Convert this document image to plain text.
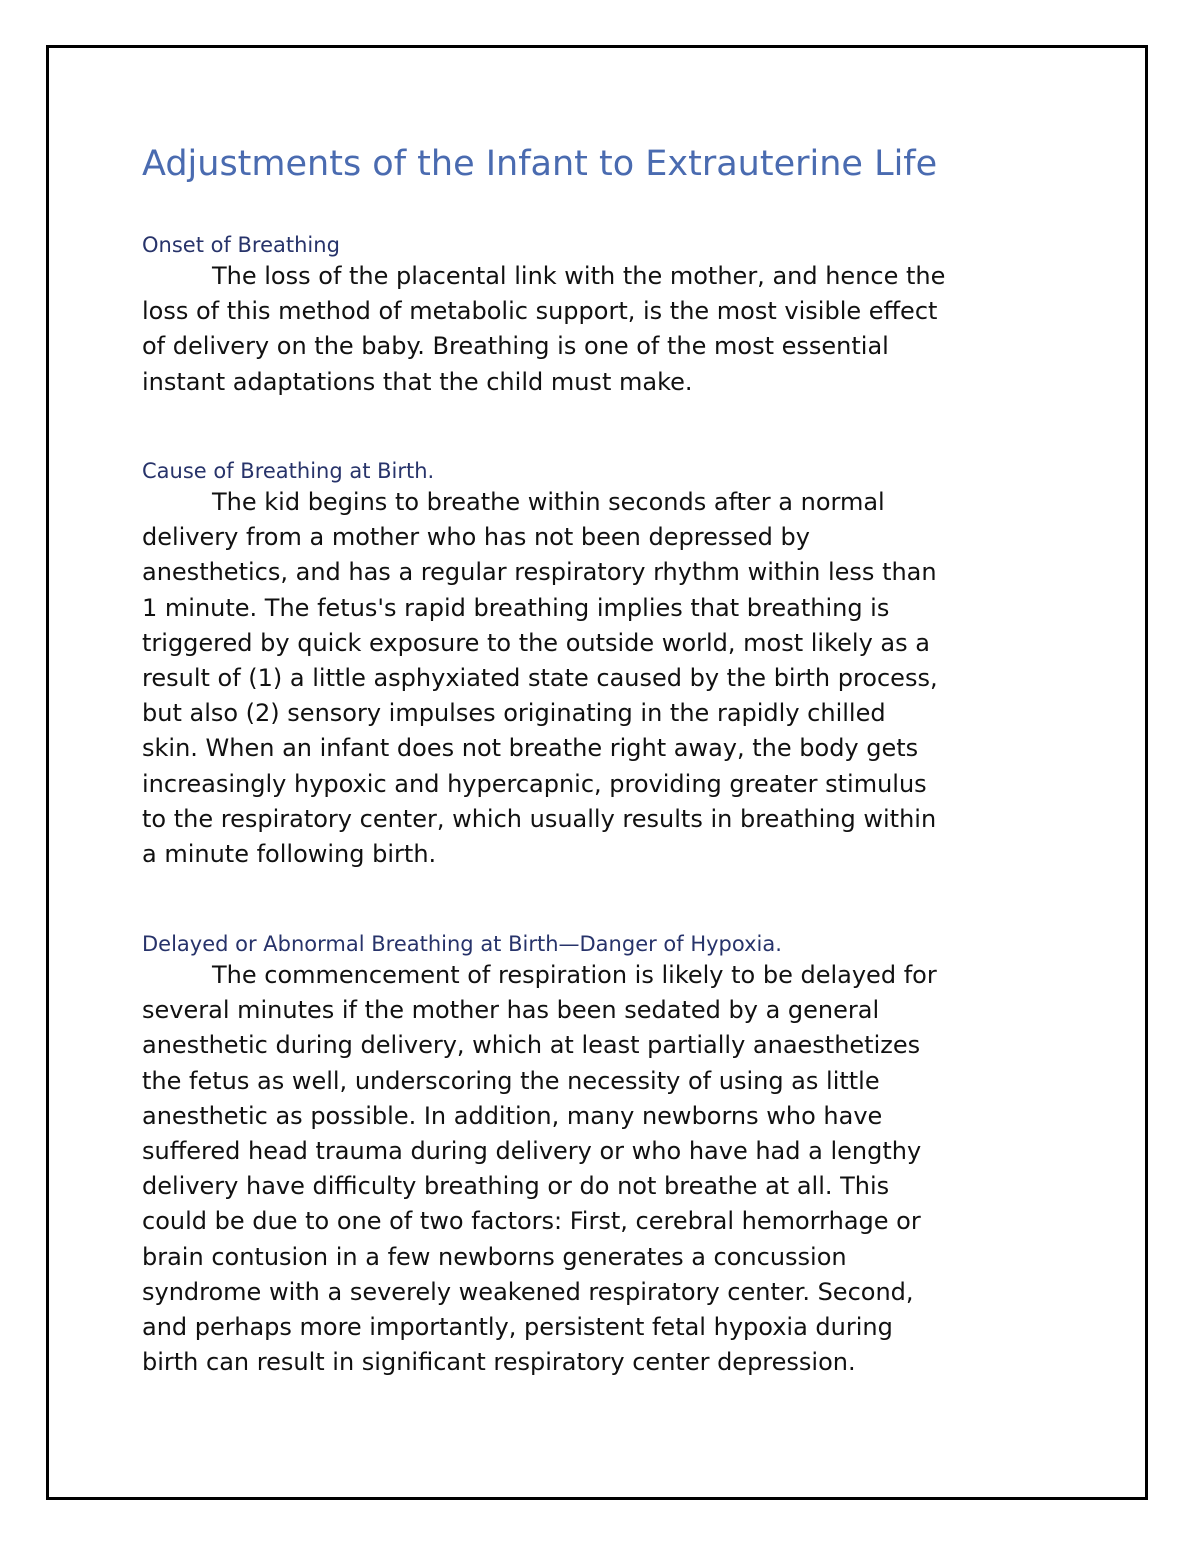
Adjustments of the Infant to Extrauterine Life
Onset of Breathing

The loss of the placental link with the mother, and hence the
loss of this method of metabolic support, is the most visible effect
of delivery on the baby. Breathing is one of the most essential
instant adaptations that the child must make.

Cause of Breathing at Birth.

The kid begins to breathe within seconds after a normal
delivery from a mother who has not been depressed by
anesthetics, and has a regular respiratory rhythm within less than
1 minute. The fetus's rapid breathing implies that breathing is
triggered by quick exposure to the outside world, most likely as a
result of (1) a little asphyxiated state caused by the birth process,
but also (2) sensory impulses originating in the rapidly chilled
skin. When an infant does not breathe right away, the body gets
increasingly hypoxic and hypercapnic, providing greater stimulus
to the respiratory center, which usually results in breathing within
a minute following birth.

Delayed or Abnormal Breathing at Birth—Danger of Hypoxia.

The commencement of respiration is likely to be delayed for
several minutes if the mother has been sedated by a general
anesthetic during delivery, which at least partially anaesthetizes
the fetus as well, underscoring the necessity of using as little
anesthetic as possible. In addition, many newborns who have
suffered head trauma during delivery or who have had a lengthy
delivery have difficulty breathing or do not breathe at all. This
could be due to one of two factors: First, cerebral hemorrhage or
brain contusion in a few newborns generates a concussion
syndrome with a severely weakened respiratory center. Second,
and perhaps more importantly, persistent fetal hypoxia during
birth can result in significant respiratory center depression.
